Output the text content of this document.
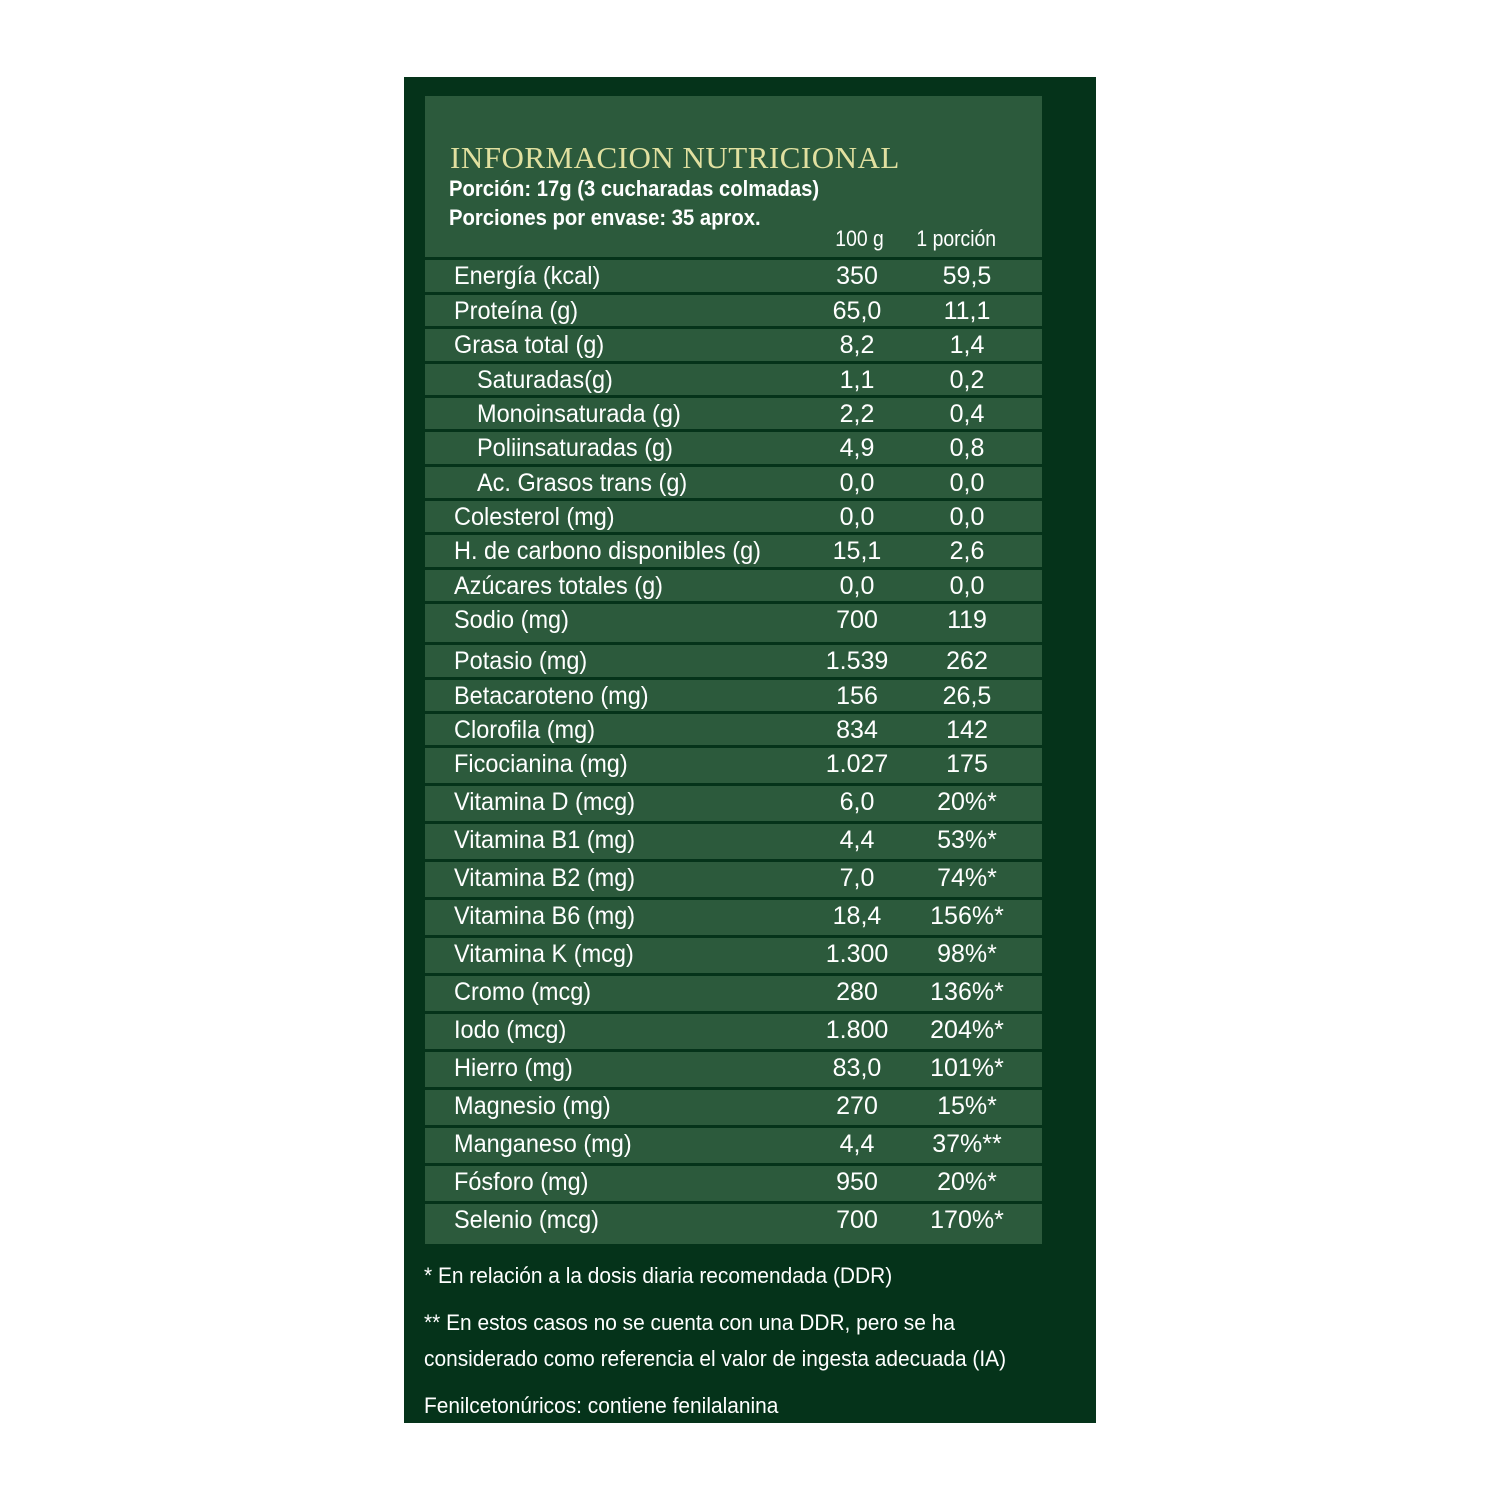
INFORMACION NUTRICIONAL
Porción: 17g (3 cucharadas colmadas)
Porciones por envase: 35 aprox.
100 g 1 porción
Energía (kcal)	350	59,5
Proteína (g)	65,0	11,1
Grasa total (g)	8,2	1,4
Saturadas(g)	1,1	0,2
Monoinsaturada (g)	2,2	0,4
Poliinsaturadas (g)	4,9	0,8
Ac. Grasos trans (g)	0,0	0,0
Colesterol (mg)	0,0	0,0
H. de carbono disponibles (g)	15,1	2,6
Azúcares totales (g)	0,0	0,0
Sodio (mg)	700	119
Potasio (mg)	1.539	262
Betacaroteno (mg)	156	26,5
Clorofila (mg)	834	142
Ficocianina (mg)	1.027	175
Vitamina D (mcg)	6,0	20%*
Vitamina B1 (mg)	4,4	53%*
Vitamina B2 (mg)	7,0	74%*
Vitamina B6 (mg)	18,4	156%*
Vitamina K (mcg)	1.300	98%*
Cromo (mcg)	280	136%*
Iodo (mcg)	1.800	204%*
Hierro (mg)	83,0	101%*
Magnesio (mg)	270	15%*
Manganeso (mg)	4,4	37%**
Fósforo (mg)	950	20%*
Selenio (mcg)	700	170%*
* En relación a la dosis diaria recomendada (DDR)
** En estos casos no se cuenta con una DDR, pero se ha
considerado como referencia el valor de ingesta adecuada (IA)
Fenilcetonúricos: contiene fenilalanina
